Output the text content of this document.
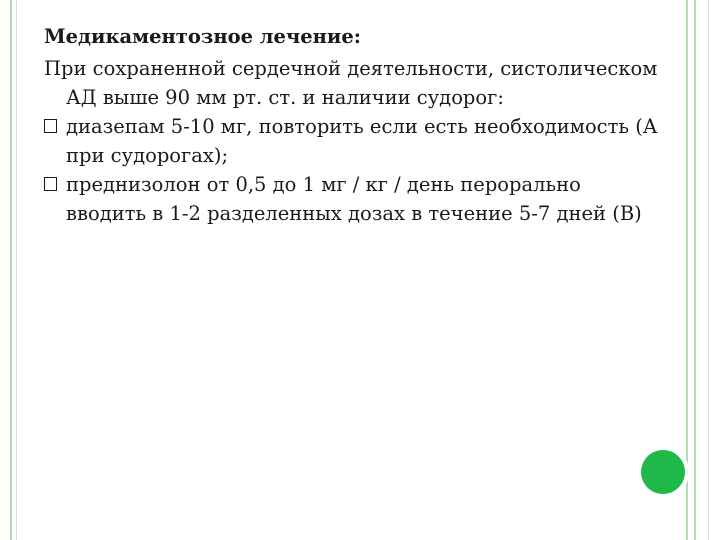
Медикаментозное лечение:
При сохраненной сердечной деятельности, систолическом АД выше 90 мм рт. ст. и наличии судорог:
диазепам 5-10 мг, повторить если есть необходимость (А при судорогах);
преднизолон от 0,5 до 1 мг / кг / день перорально вводить в 1-2 разделенных дозах в течение 5-7 дней (В)
